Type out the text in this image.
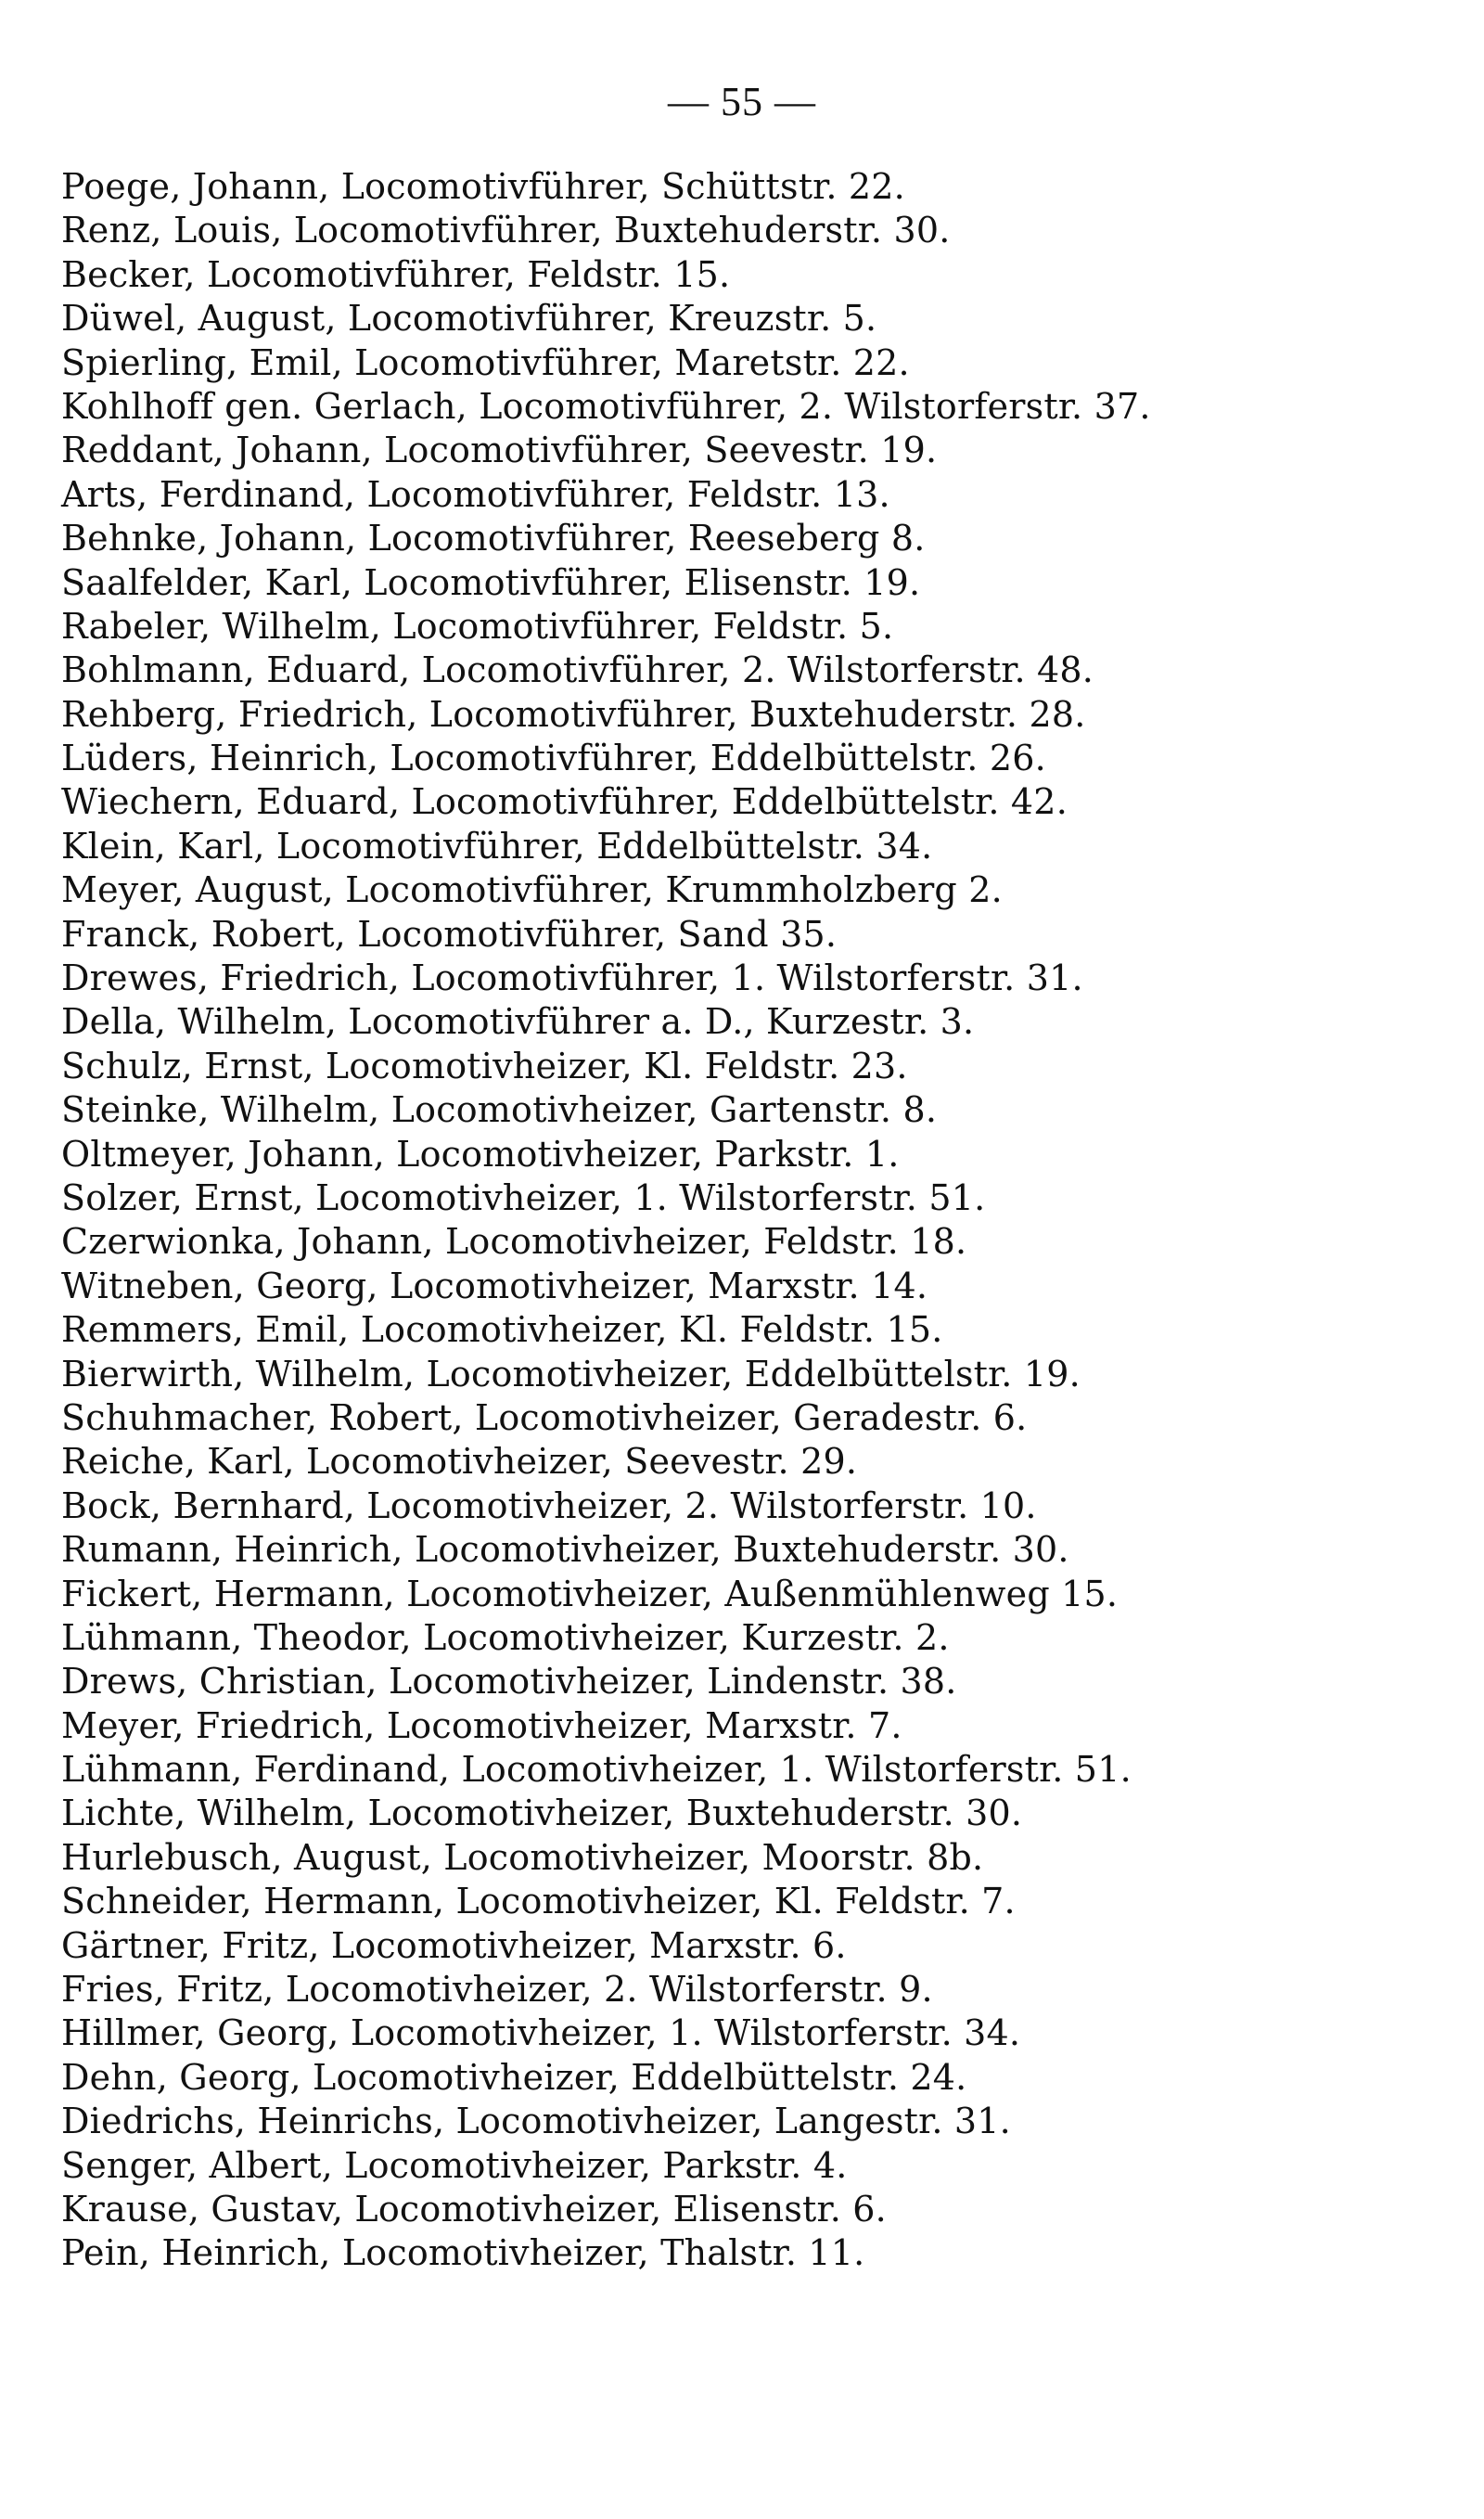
— 55 —
Poege, Johann, Locomotivführer, Schüttstr. 22.
Renz, Louis, Locomotivführer, Buxtehuderstr. 30.
Becker, Locomotivführer, Feldstr. 15.
Düwel, August, Locomotivführer, Kreuzstr. 5.
Spierling, Emil, Locomotivführer, Maretstr. 22.
Kohlhoff gen. Gerlach, Locomotivführer, 2. Wilstorferstr. 37.
Reddant, Johann, Locomotivführer, Seevestr. 19.
Arts, Ferdinand, Locomotivführer, Feldstr. 13.
Behnke, Johann, Locomotivführer, Reeseberg 8.
Saalfelder, Karl, Locomotivführer, Elisenstr. 19.
Rabeler, Wilhelm, Locomotivführer, Feldstr. 5.
Bohlmann, Eduard, Locomotivführer, 2. Wilstorferstr. 48.
Rehberg, Friedrich, Locomotivführer, Buxtehuderstr. 28.
Lüders, Heinrich, Locomotivführer, Eddelbüttelstr. 26.
Wiechern, Eduard, Locomotivführer, Eddelbüttelstr. 42.
Klein, Karl, Locomotivführer, Eddelbüttelstr. 34.
Meyer, August, Locomotivführer, Krummholzberg 2.
Franck, Robert, Locomotivführer, Sand 35.
Drewes, Friedrich, Locomotivführer, 1. Wilstorferstr. 31.
Della, Wilhelm, Locomotivführer a. D., Kurzestr. 3.
Schulz, Ernst, Locomotivheizer, Kl. Feldstr. 23.
Steinke, Wilhelm, Locomotivheizer, Gartenstr. 8.
Oltmeyer, Johann, Locomotivheizer, Parkstr. 1.
Solzer, Ernst, Locomotivheizer, 1. Wilstorferstr. 51.
Czerwionka, Johann, Locomotivheizer, Feldstr. 18.
Witneben, Georg, Locomotivheizer, Marxstr. 14.
Remmers, Emil, Locomotivheizer, Kl. Feldstr. 15.
Bierwirth, Wilhelm, Locomotivheizer, Eddelbüttelstr. 19.
Schuhmacher, Robert, Locomotivheizer, Geradestr. 6.
Reiche, Karl, Locomotivheizer, Seevestr. 29.
Bock, Bernhard, Locomotivheizer, 2. Wilstorferstr. 10.
Rumann, Heinrich, Locomotivheizer, Buxtehuderstr. 30.
Fickert, Hermann, Locomotivheizer, Außenmühlenweg 15.
Lühmann, Theodor, Locomotivheizer, Kurzestr. 2.
Drews, Christian, Locomotivheizer, Lindenstr. 38.
Meyer, Friedrich, Locomotivheizer, Marxstr. 7.
Lühmann, Ferdinand, Locomotivheizer, 1. Wilstorferstr. 51.
Lichte, Wilhelm, Locomotivheizer, Buxtehuderstr. 30.
Hurlebusch, August, Locomotivheizer, Moorstr. 8b.
Schneider, Hermann, Locomotivheizer, Kl. Feldstr. 7.
Gärtner, Fritz, Locomotivheizer, Marxstr. 6.
Fries, Fritz, Locomotivheizer, 2. Wilstorferstr. 9.
Hillmer, Georg, Locomotivheizer, 1. Wilstorferstr. 34.
Dehn, Georg, Locomotivheizer, Eddelbüttelstr. 24.
Diedrichs, Heinrichs, Locomotivheizer, Langestr. 31.
Senger, Albert, Locomotivheizer, Parkstr. 4.
Krause, Gustav, Locomotivheizer, Elisenstr. 6.
Pein, Heinrich, Locomotivheizer, Thalstr. 11.
